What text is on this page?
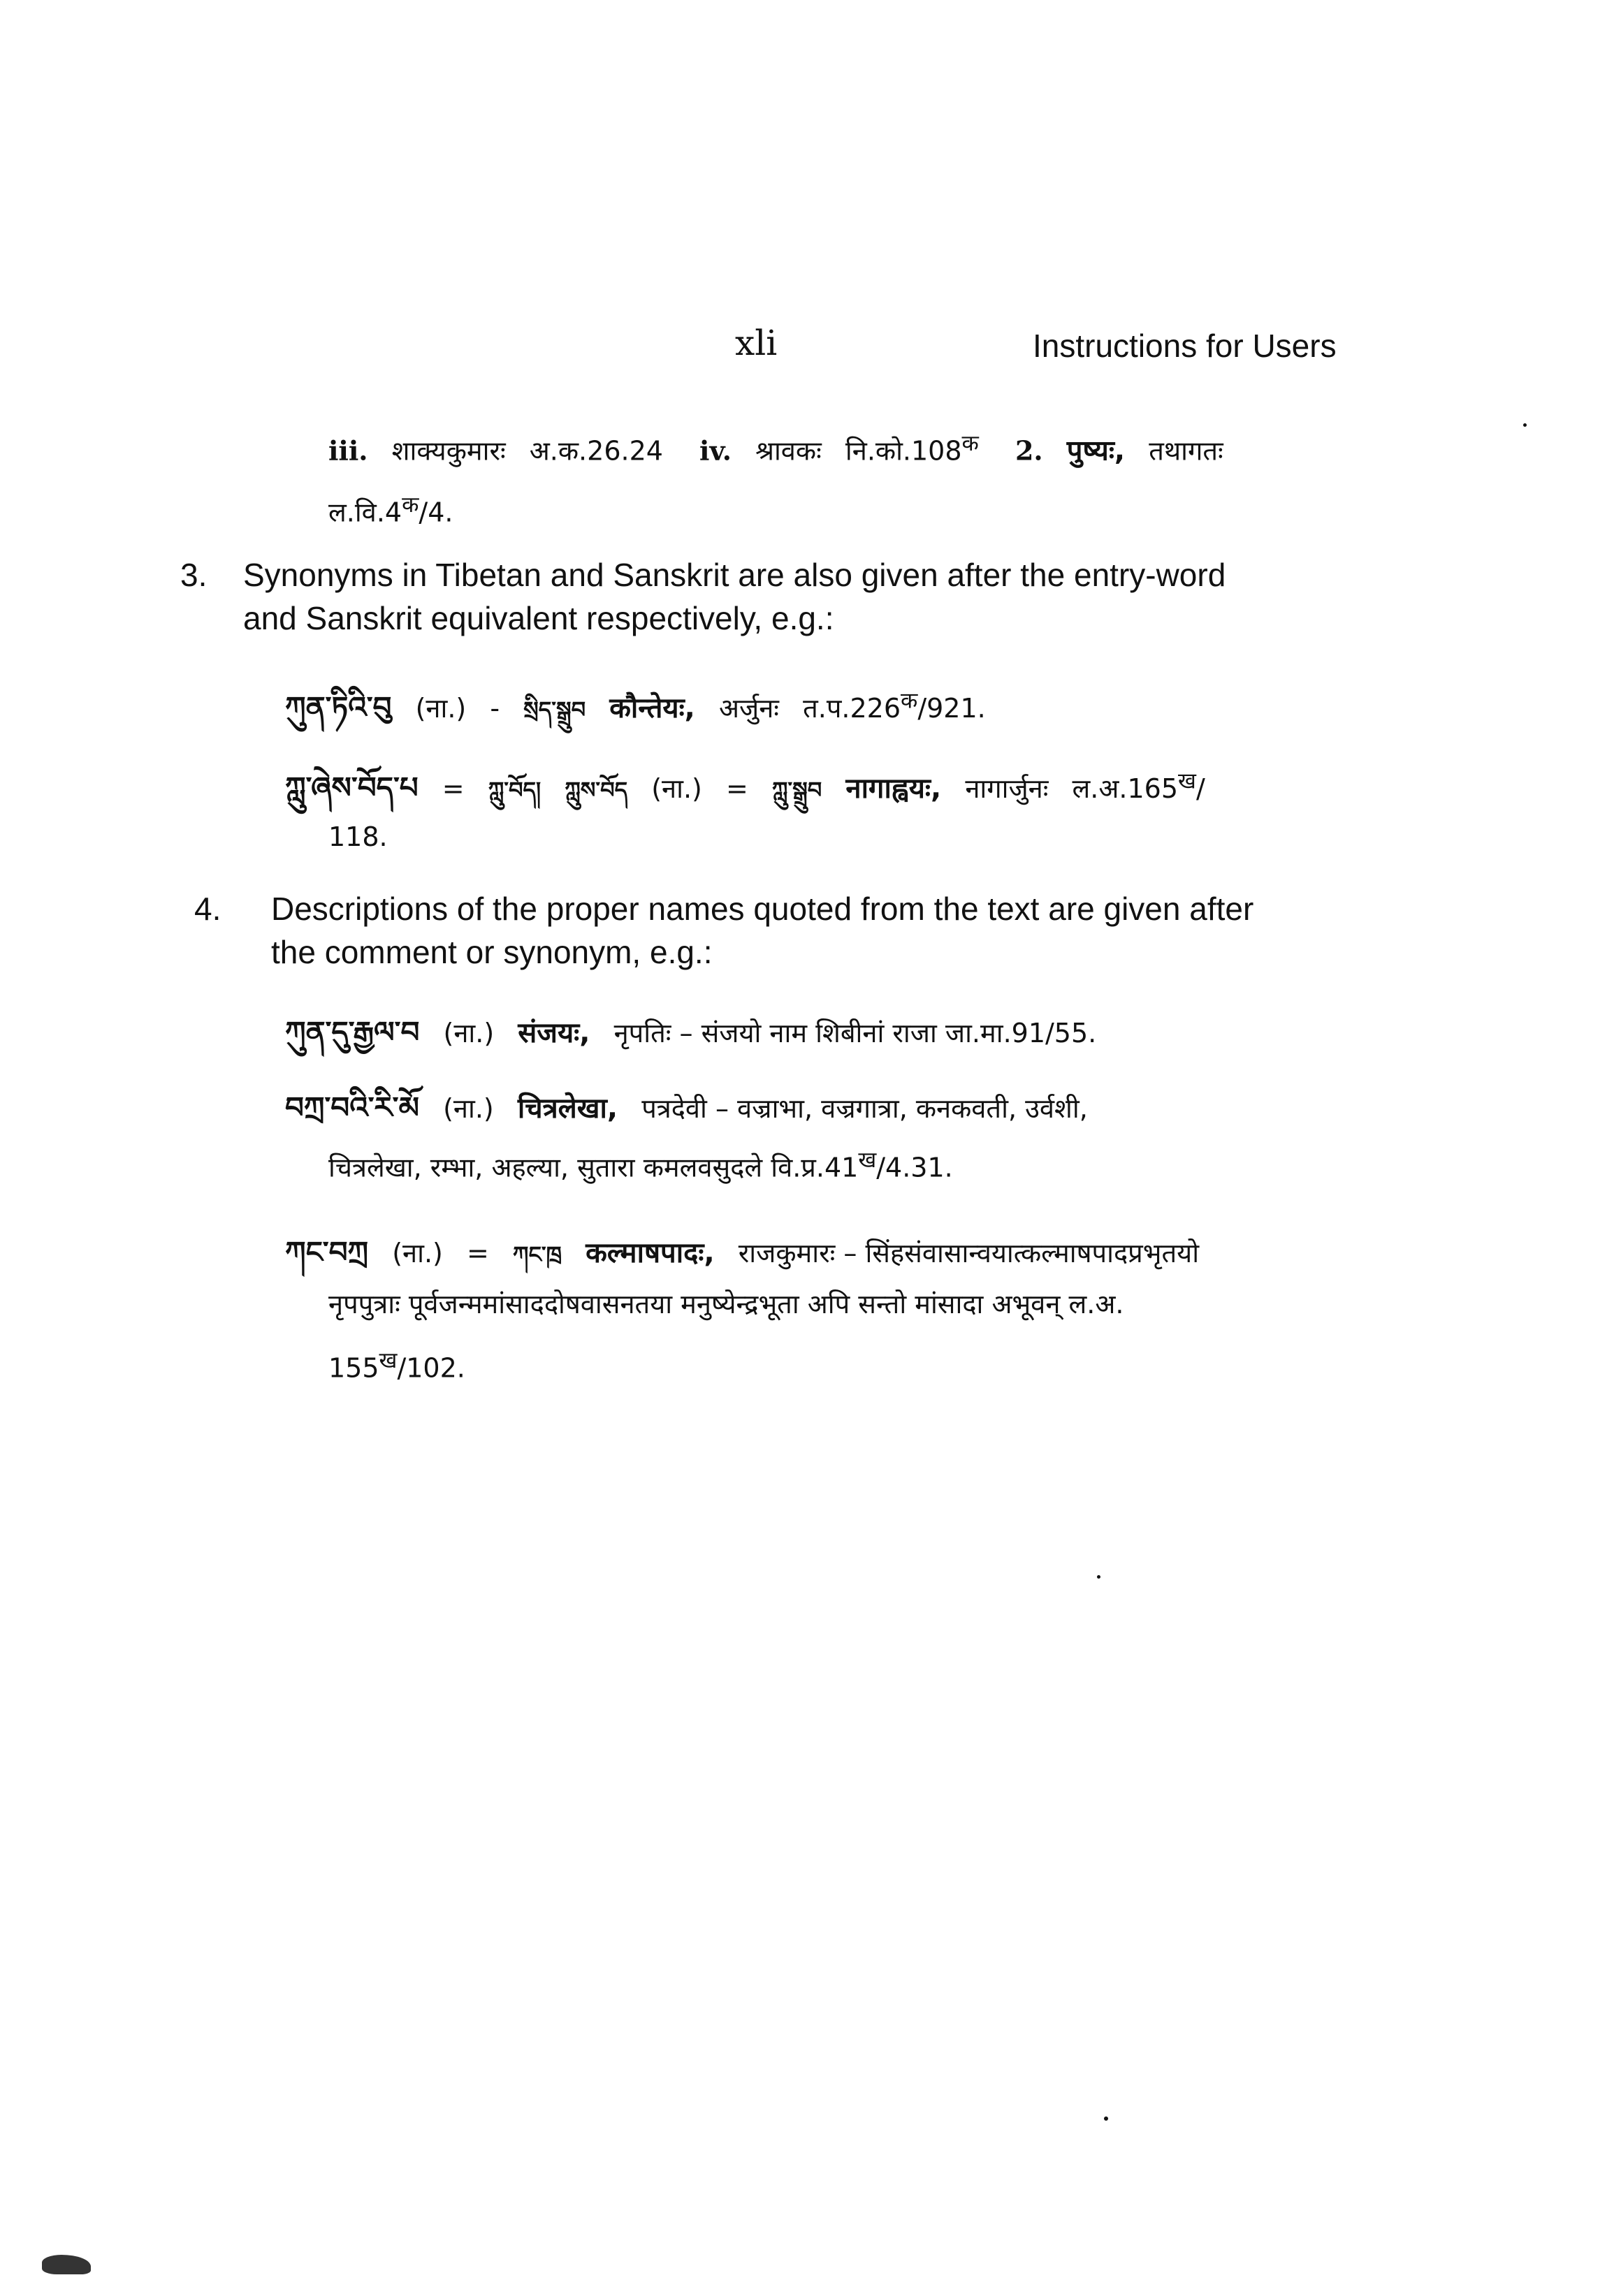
xli	Instructions for Users
iii. शाक्यकुमारः अ.क.26.24 iv. श्रावकः $नि.को.108^क$ 2. पुष्यः, तथागतः
$ल.वि.4^क/4$.
3. Synonyms in Tibetan and Sanskrit are also given after the entry-word
and Sanskrit equivalent respectively, e.g.:
ཀུན་ཏིའི་བུ (ना.) - སྲིད་སྒྲུབ कौन्तेयः, अर्जुनः $त.प.226^क/921$.
ཀླུ་ཞེས་བོད་པ = ཀླུ་བོད། ཀླུས་བོད (ना.) = ཀླུ་སྒྲུབ नागाह्वयः, नागार्जुनः $ल.अ.165^ख/$
118.
4. Descriptions of the proper names quoted from the text are given after
the comment or synonym, e.g.:
ཀུན་དུ་རྒྱལ་བ (ना.) संजयः, नृपतिः – संजयो नाम शिबीनां राजा जा.मा.91/55.
བཀྲ་བའི་རི་མོ (ना.) चित्रलेखा, पत्रदेवी – वज्राभा, वज्रगात्रा, कनकवती, उर्वशी,
चित्रलेखा, रम्भा, अहल्या, सुतारा कमलवसुदले $वि.प्र.41^ख/4.31$.
ཀང་བཀྲ (ना.) = ཀང་ཁྲ कल्माषपादः, राजकुमारः – सिंहसंवासान्वयात्कल्माषपादप्रभृतयो
नृपपुत्राः पूर्वजन्ममांसाददोषवासनतया मनुष्येन्द्रभूता अपि सन्तो मांसादा अभूवन् ल.अ.
$155^ख/102$.
